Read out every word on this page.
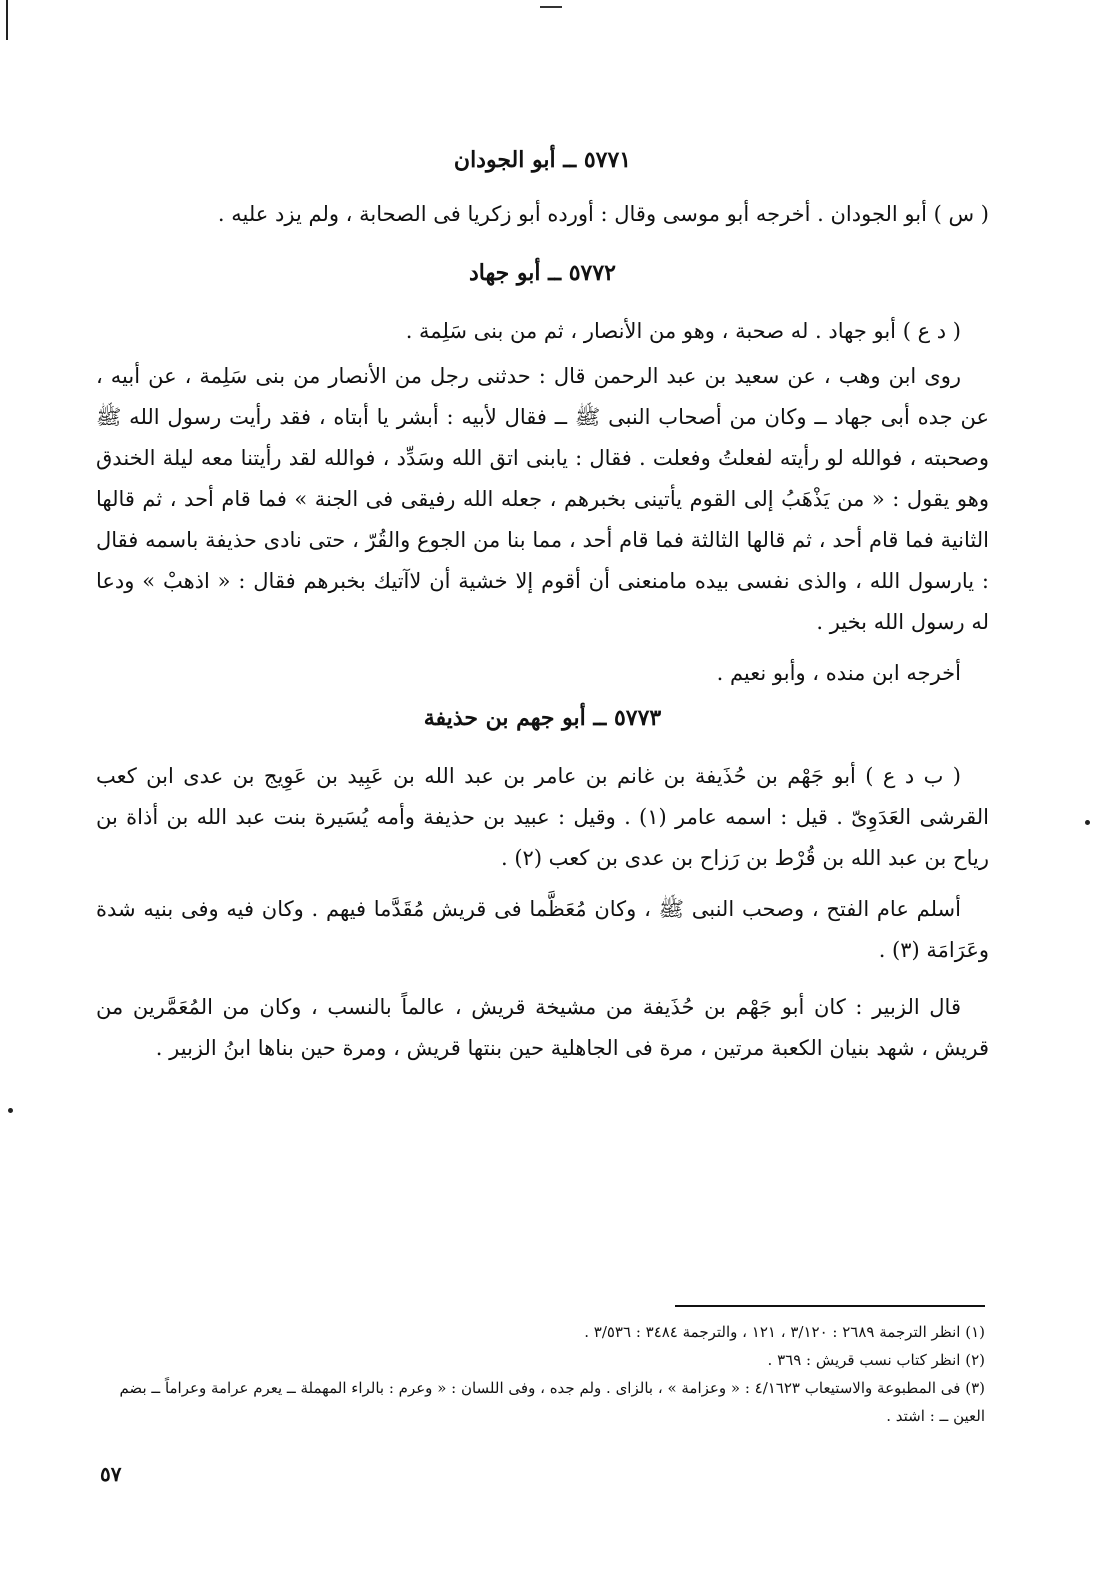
٥٧٧١ ــ أبو الجودان

( س ) أبو الجودان . أخرجه أبو موسى وقال : أورده أبو زكريا فى الصحابة ، ولم يزد عليه .

٥٧٧٢ ــ أبو جهاد

( د ع ) أبو جهاد . له صحبة ، وهو من الأنصار ، ثم من بنى سَلِمة .

روى ابن وهب ، عن سعيد بن عبد الرحمن قال : حدثنى رجل من الأنصار من بنى سَلِمة ، عن أبيه ، عن جده أبى جهاد ــ وكان من أصحاب النبى ﷺ ــ فقال لأبيه : أبشر يا أبتاه ، فقد رأيت رسول الله ﷺ وصحبته ، فوالله لو رأيته لفعلتُ وفعلت . فقال : يابنى اتق الله وسَدِّد ، فوالله لقد رأيتنا معه ليلة الخندق وهو يقول : « من يَذْهَبُ إلى القوم يأتينى بخبرهم ، جعله الله رفيقى فى الجنة » فما قام أحد ، ثم قالها الثانية فما قام أحد ، ثم قالها الثالثة فما قام أحد ، مما بنا من الجوع والقُرّ ، حتى نادى حذيفة باسمه فقال : يارسول الله ، والذى نفسى بيده مامنعنى أن أقوم إلا خشية أن لاآتيك بخبرهم فقال : « اذهبْ » ودعا له رسول الله بخير .

أخرجه ابن منده ، وأبو نعيم .

٥٧٧٣ ــ أبو جهم بن حذيفة

( ب د ع ) أبو جَهْم بن حُذَيفة بن غانم بن عامر بن عبد الله بن عَبِيد بن عَوِيج بن عدى ابن كعب القرشى العَدَوِىّ . قيل : اسمه عامر (١) . وقيل : عبيد بن حذيفة وأمه يُسَيرة بنت عبد الله بن أذاة بن رياح بن عبد الله بن قُرْط بن رَزاح بن عدى بن كعب (٢) .

أسلم عام الفتح ، وصحب النبى ﷺ ، وكان مُعَظَّما فى قريش مُقَدَّما فيهم . وكان فيه وفى بنيه شدة وعَرَامَة (٣) .

قال الزبير : كان أبو جَهْم بن حُذَيفة من مشيخة قريش ، عالماً بالنسب ، وكان من المُعَمَّرين من قريش ، شهد بنيان الكعبة مرتين ، مرة فى الجاهلية حين بنتها قريش ، ومرة حين بناها ابنُ الزبير .

(١) انظر الترجمة ٢٦٨٩ : ٣/١٢٠ ، ١٢١ ، والترجمة ٣٤٨٤ : ٣/٥٣٦ .

(٢) انظر كتاب نسب قريش : ٣٦٩ .

(٣) فى المطبوعة والاستيعاب ٤/١٦٢٣ : « وعزامة » ، بالزاى . ولم جده ، وفى اللسان : « وعرم : بالراء المهملة ــ يعرم عرامة وعراماً ــ بضم العين ــ : اشتد .

٥٧
